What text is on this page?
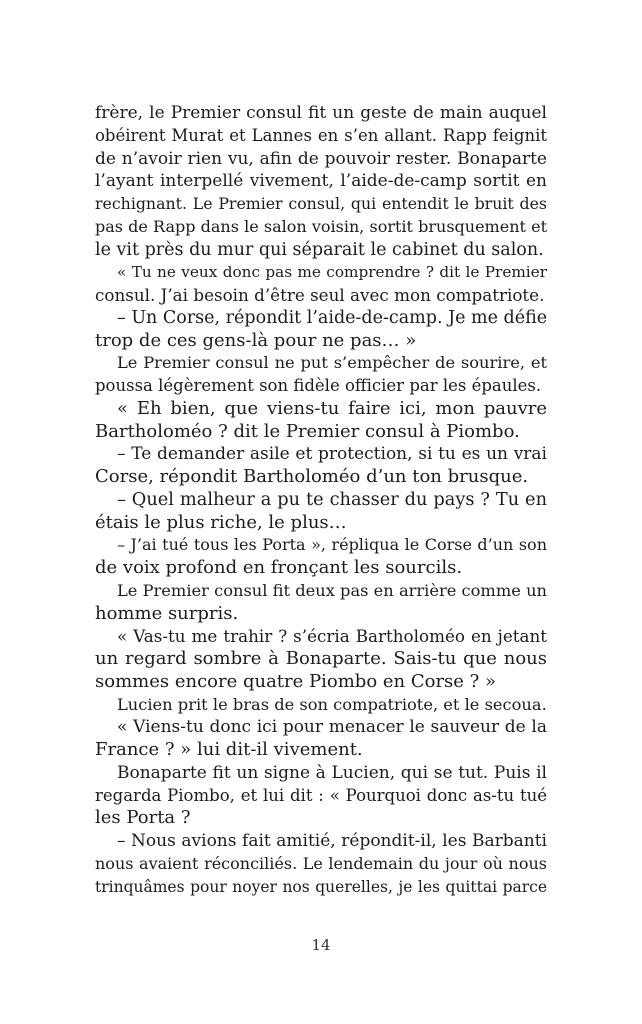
frère, le Premier consul fit un geste de main auquel
obéirent Murat et Lannes en s’en allant. Rapp feignit
de n’avoir rien vu, afin de pouvoir rester. Bonaparte
l’ayant interpellé vivement, l’aide-de-camp sortit en
rechignant. Le Premier consul, qui entendit le bruit des
pas de Rapp dans le salon voisin, sortit brusquement et
le vit près du mur qui séparait le cabinet du salon.
« Tu ne veux donc pas me comprendre ? dit le Premier
consul. J’ai besoin d’être seul avec mon compatriote.
– Un Corse, répondit l’aide-de-camp. Je me défie
trop de ces gens-là pour ne pas… »
Le Premier consul ne put s’empêcher de sourire, et
poussa légèrement son fidèle officier par les épaules.
« Eh bien, que viens-tu faire ici, mon pauvre
Bartholoméo ? dit le Premier consul à Piombo.
– Te demander asile et protection, si tu es un vrai
Corse, répondit Bartholoméo d’un ton brusque.
– Quel malheur a pu te chasser du pays ? Tu en
étais le plus riche, le plus…
– J’ai tué tous les Porta », répliqua le Corse d’un son
de voix profond en fronçant les sourcils.
Le Premier consul fit deux pas en arrière comme un
homme surpris.
« Vas-tu me trahir ? s’écria Bartholoméo en jetant
un regard sombre à Bonaparte. Sais-tu que nous
sommes encore quatre Piombo en Corse ? »
Lucien prit le bras de son compatriote, et le secoua.
« Viens-tu donc ici pour menacer le sauveur de la
France ? » lui dit-il vivement.
Bonaparte fit un signe à Lucien, qui se tut. Puis il
regarda Piombo, et lui dit : « Pourquoi donc as-tu tué
les Porta ?
– Nous avions fait amitié, répondit-il, les Barbanti
nous avaient réconciliés. Le lendemain du jour où nous
trinquâmes pour noyer nos querelles, je les quittai parce
14
